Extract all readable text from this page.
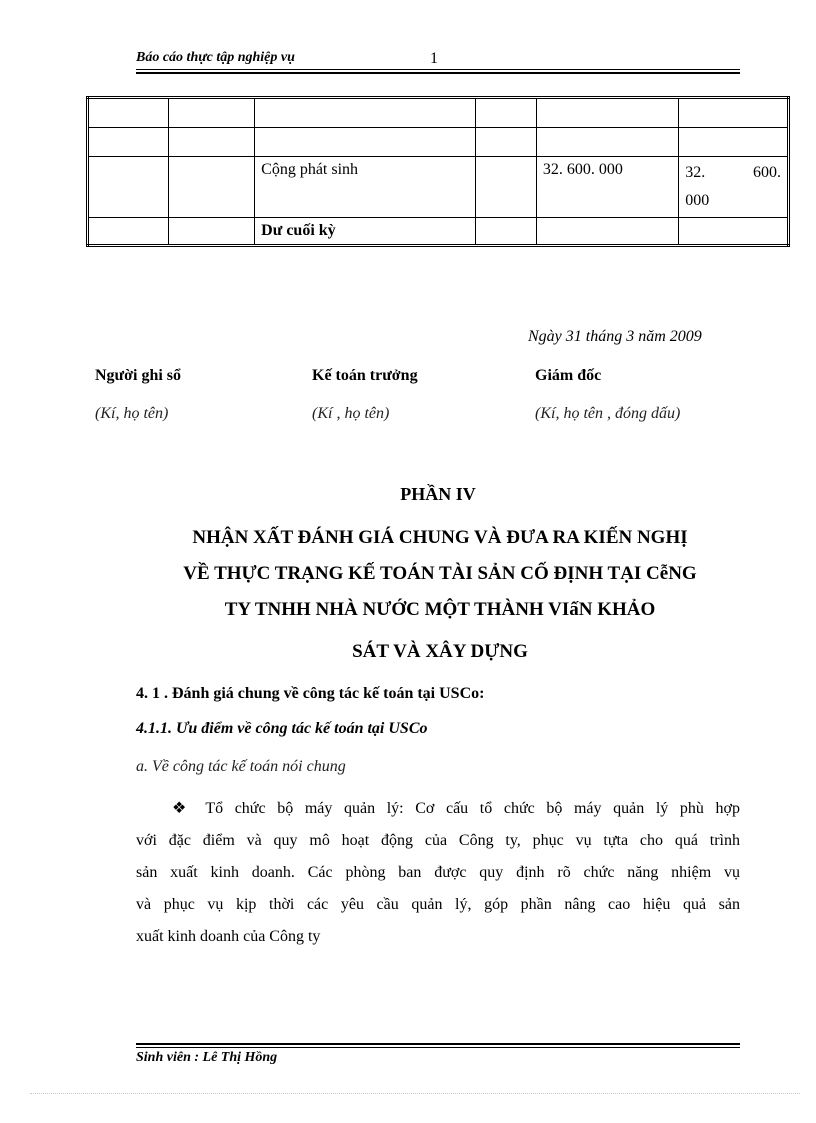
Báo cáo thực tập nghiệp vụ	1

		Cộng phát sinh		32. 600. 000	32. 600.
000

		Dư cuối kỳ			
Ngày 31 tháng 3 năm 2009
Người ghi sổ	Kế toán trưởng	Giám đốc
(Kí, họ tên)	(Kí , họ tên)	(Kí, họ tên , đóng dấu)
PHẦN IV
NHẬN XẤT ĐÁNH GIÁ CHUNG VÀ ĐƯA RA KIẾN NGHỊ
VỀ THỰC TRẠNG KẾ TOÁN TÀI SẢN CỐ ĐỊNH TẠI CễNG
TY TNHH NHÀ NƯỚC MỘT THÀNH VIấN KHẢO
SÁT VÀ XÂY DỰNG
4. 1 . Đánh giá chung về công tác kế toán tại USCo:
4.1.1. Ưu điểm về công tác kế toán tại USCo
a. Về công tác kế toán nói chung
❖ Tổ chức bộ máy quản lý: Cơ cấu tổ chức bộ máy quản lý phù hợp
với đặc điểm và quy mô hoạt động của Công ty, phục vụ tựta cho quá trình
sản xuất kinh doanh. Các phòng ban được quy định rõ chức năng nhiệm vụ
và phục vụ kịp thời các yêu cầu quản lý, góp phần nâng cao hiệu quả sản
xuất kinh doanh của Công ty
Sinh viên : Lê Thị Hồng
